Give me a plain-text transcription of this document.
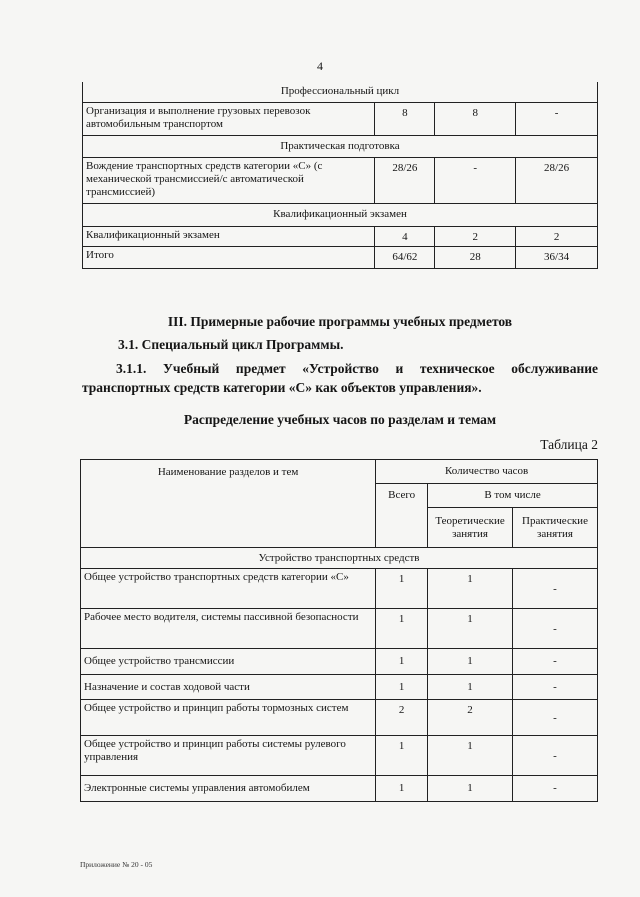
4
Профессиональный цикл			
Организация и выполнение грузовых перевозок автомобильным транспортом	8	8	-
Практическая подготовка			
Вождение транспортных средств категории «С» (с механической трансмиссией/с автоматической трансмиссией)	28/26	-	28/26
Квалификационный экзамен			
Квалификационный экзамен	4	2	2
Итого	64/62	28	36/34
III. Примерные рабочие программы учебных предметов
3.1. Специальный цикл Программы.
3.1.1. Учебный предмет «Устройство и техническое обслуживание транспортных средств категории «С» как объектов управления».
Распределение учебных часов по разделам и темам
Таблица 2
Наименование разделов и тем	Количество часов		
	Всего	В том числе	
		Теоретические занятия	Практические занятия
Устройство транспортных средств			
Общее устройство транспортных средств категории «С»	1	1	-
Рабочее место водителя, системы пассивной безопасности	1	1	-
Общее устройство трансмиссии	1	1	-
Назначение и состав ходовой части	1	1	-
Общее устройство и принцип работы тормозных систем	2	2	-
Общее устройство и принцип работы системы рулевого управления	1	1	-
Электронные системы управления автомобилем	1	1	-
Приложение № 20 - 05
